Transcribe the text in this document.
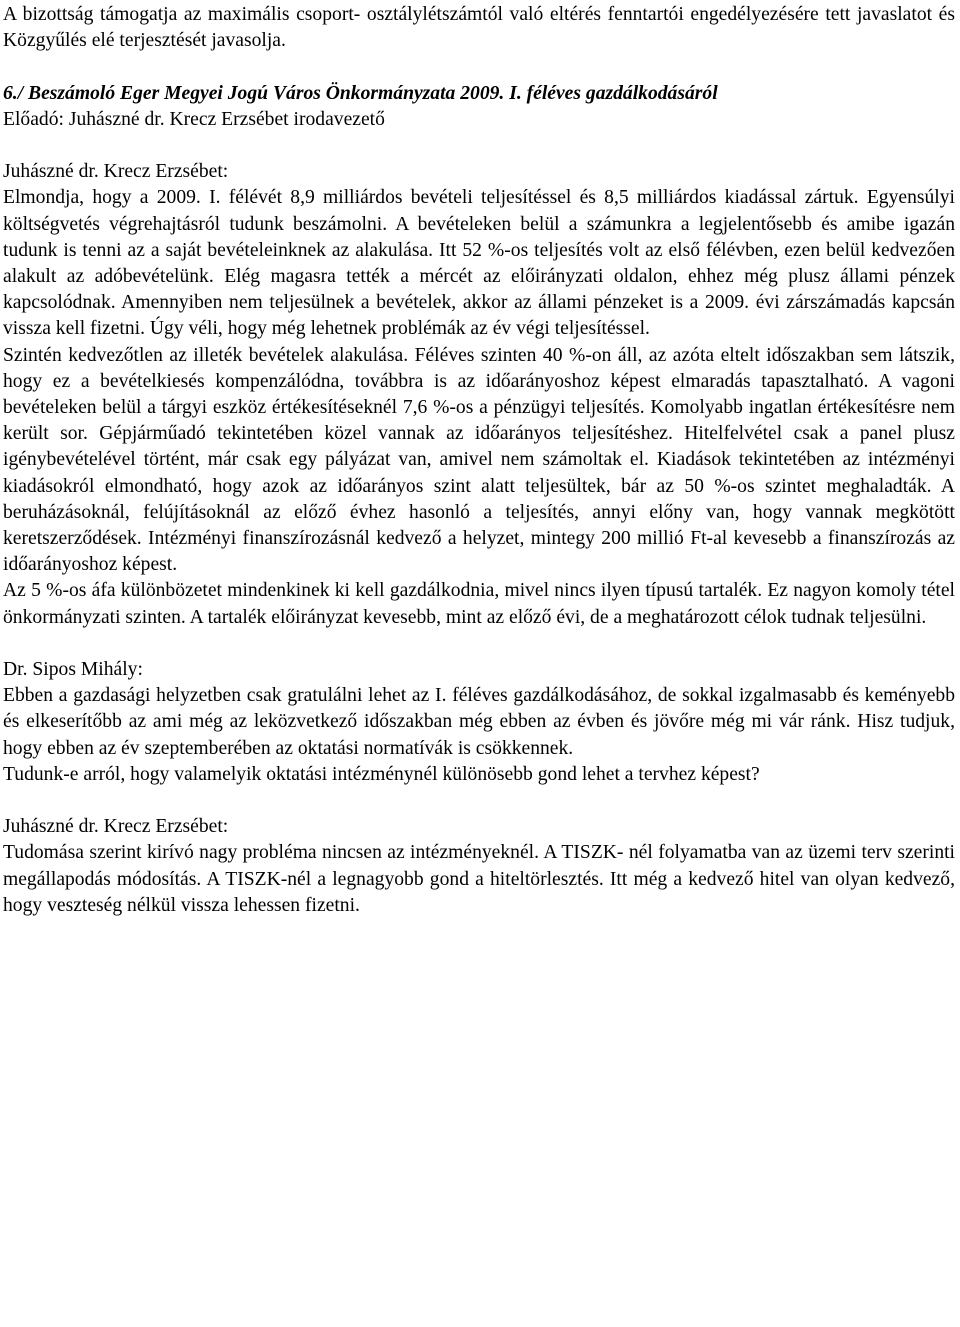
A bizottság támogatja az maximális csoport- osztálylétszámtól való eltérés fenntartói engedélyezésére tett javaslatot és Közgyűlés elé terjesztését javasolja.

6./ Beszámoló Eger Megyei Jogú Város Önkormányzata 2009. I. féléves gazdálkodásáról

Előadó: Juhászné dr. Krecz Erzsébet irodavezető

Juhászné dr. Krecz Erzsébet:

Elmondja, hogy a 2009. I. félévét 8,9 milliárdos bevételi teljesítéssel és 8,5 milliárdos kiadással zártuk. Egyensúlyi költségvetés végrehajtásról tudunk beszámolni. A bevételeken belül a számunkra a legjelentősebb és amibe igazán tudunk is tenni az a saját bevételeinknek az alakulása. Itt 52 %-os teljesítés volt az első félévben, ezen belül kedvezően alakult az adóbevételünk. Elég magasra tették a mércét az előirányzati oldalon, ehhez még plusz állami pénzek kapcsolódnak. Amennyiben nem teljesülnek a bevételek, akkor az állami pénzeket is a 2009. évi zárszámadás kapcsán vissza kell fizetni. Úgy véli, hogy még lehetnek problémák az év végi teljesítéssel.

Szintén kedvezőtlen az illeték bevételek alakulása. Féléves szinten 40 %-on áll, az azóta eltelt időszakban sem látszik, hogy ez a bevételkiesés kompenzálódna, továbbra is az időarányoshoz képest elmaradás tapasztalható. A vagoni bevételeken belül a tárgyi eszköz értékesítéseknél 7,6 %-os a pénzügyi teljesítés. Komolyabb ingatlan értékesítésre nem került sor. Gépjárműadó tekintetében közel vannak az időarányos teljesítéshez. Hitelfelvétel csak a panel plusz igénybevételével történt, már csak egy pályázat van, amivel nem számoltak el. Kiadások tekintetében az intézményi kiadásokról elmondható, hogy azok az időarányos szint alatt teljesültek, bár az 50 %-os szintet meghaladták. A beruházásoknál, felújításoknál az előző évhez hasonló a teljesítés, annyi előny van, hogy vannak megkötött keretszerződések. Intézményi finanszírozásnál kedvező a helyzet, mintegy 200 millió Ft-al kevesebb a finanszírozás az időarányoshoz képest.

Az 5 %-os áfa különbözetet mindenkinek ki kell gazdálkodnia, mivel nincs ilyen típusú tartalék. Ez nagyon komoly tétel önkormányzati szinten. A tartalék előirányzat kevesebb, mint az előző évi, de a meghatározott célok tudnak teljesülni.

Dr. Sipos Mihály:

Ebben a gazdasági helyzetben csak gratulálni lehet az I. féléves gazdálkodásához, de sokkal izgalmasabb és keményebb és elkeserítőbb az ami még az leközvetkező időszakban még ebben az évben és jövőre még mi vár ránk. Hisz tudjuk, hogy ebben az év szeptemberében az oktatási normatívák is csökkennek.

Tudunk-e arról, hogy valamelyik oktatási intézménynél különösebb gond lehet a tervhez képest?

Juhászné dr. Krecz Erzsébet:

Tudomása szerint kirívó nagy probléma nincsen az intézményeknél. A TISZK- nél folyamatba van az üzemi terv szerinti megállapodás módosítás. A TISZK-nél a legnagyobb gond a hiteltörlesztés. Itt még a kedvező hitel van olyan kedvező, hogy veszteség nélkül vissza lehessen fizetni.
